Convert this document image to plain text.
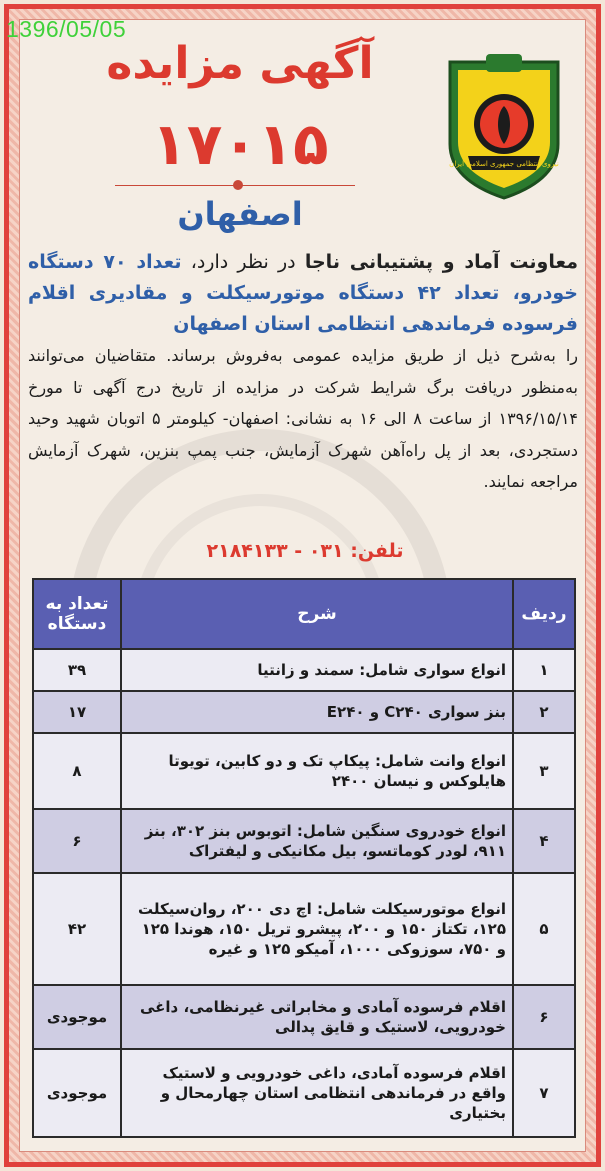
1396/05/05
نیروی انتظامی جمهوری اسلامی ایران
آگهی مزایده
۱۷۰۱۵
اصفهان

معاونت آماد و پشتیبانی ناجا در نظر دارد، تعداد ۷۰ دستگاه خودرو، تعداد ۴۲ دستگاه موتورسیکلت و مقادیری اقلام فرسوده فرماندهی انتظامی استان اصفهان

را به‌شرح ذیل از طریق مزایده عمومی به‌فروش برساند. متقاضیان می‌توانند به‌منظور دریافت برگ شرایط شرکت در مزایده از تاریخ درج آگهی تا مورخ ۱۳۹۶/۱۵/۱۴ از ساعت ۸ الی ۱۶ به نشانی: اصفهان- کیلومتر ۵ اتوبان شهید وحید دستجردی، بعد از پل راه‌آهن شهرک آزمایش، جنب پمپ بنزین، شهرک آزمایش مراجعه نمایند.

تلفن: ۰۳۱ - ۲۱۸۴۱۳۳
ردیف	شرح	تعداد به دستگاه
۱	انواع سواری شامل: سمند و زانتیا	۳۹
۲	بنز سواری C۲۴۰ و E۲۴۰	۱۷
۳	انواع وانت شامل: پیکاپ تک و دو کابین، تویوتا هایلوکس و نیسان ۲۴۰۰	۸
۴	انواع خودروی سنگین شامل: اتوبوس بنز ۳۰۲، بنز ۹۱۱، لودر کوماتسو، بیل مکانیکی و لیفتراک	۶
۵	انواع موتورسیکلت شامل: اچ دی ۲۰۰، روان‌سیکلت ۱۲۵، تکتاز ۱۵۰ و ۲۰۰، پیشرو تریل ۱۵۰، هوندا ۱۲۵ و ۷۵۰، سوزوکی ۱۰۰۰، آمیکو ۱۲۵ و غیره	۴۲
۶	اقلام فرسوده آمادی و مخابراتی غیرنظامی، داغی خودرویی، لاستیک و قایق پدالی	موجودی
۷	اقلام فرسوده آمادی، داغی خودرویی و لاستیک واقع در فرماندهی انتظامی استان چهارمحال و بختیاری	موجودی
